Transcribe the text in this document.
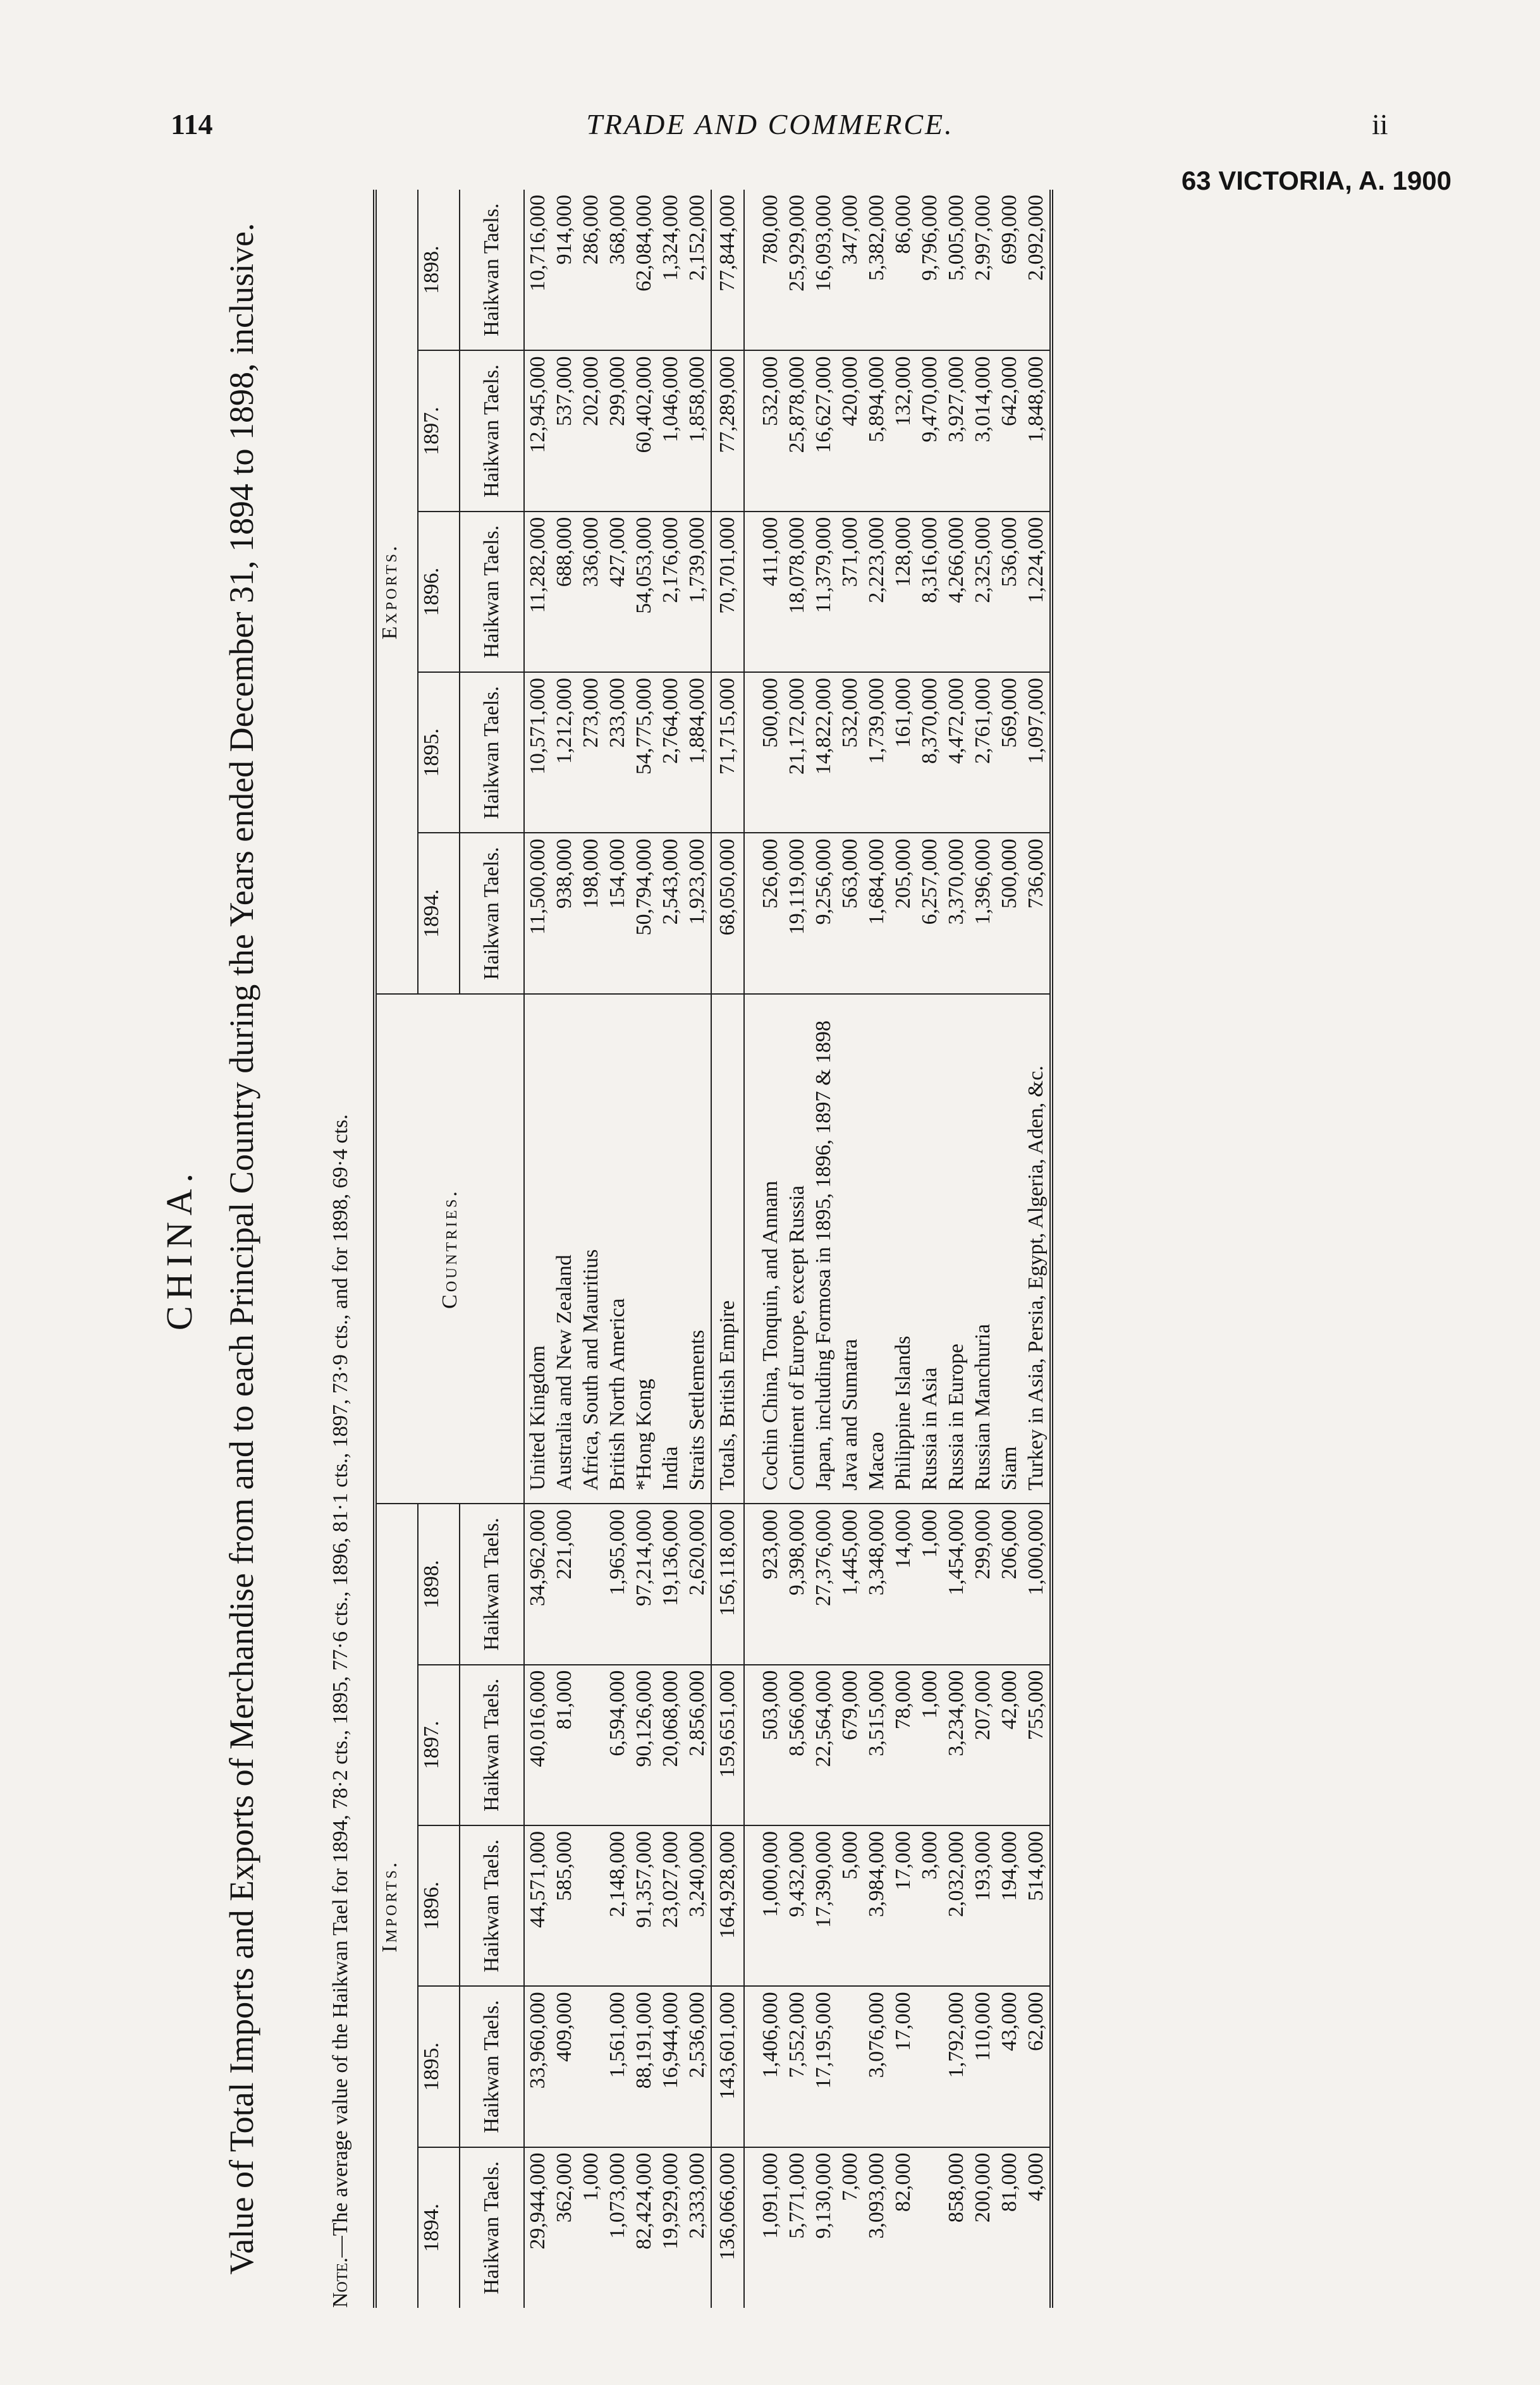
114	TRADE AND COMMERCE.	ii
63 VICTORIA, A. 1900
CHINA. Value of Total Imports and Exports of Merchandise from and to each Principal Country during the Years ended December 31, 1894 to 1898, inclusive.
Note.—The average value of the Haikwan Tael for 1894, 78·2 cts., 1895, 77·6 cts., 1896, 81·1 cts., 1897, 73·9 cts., and for 1898, 69·4 cts. Imports.					Countries.	Exports.				
1894.	1895.	1896.	1897.	1898.		1894.	1895.	1896.	1897.	1898.
Haikwan Taels.	Haikwan Taels.	Haikwan Taels.	Haikwan Taels.	Haikwan Taels.		Haikwan Taels.	Haikwan Taels.	Haikwan Taels.	Haikwan Taels.	Haikwan Taels.
29,944,000	33,960,000	44,571,000	40,016,000	34,962,000	United Kingdom	11,500,000	10,571,000	11,282,000	12,945,000	10,716,000
362,000	409,000	585,000	81,000	221,000	Australia and New Zealand	938,000	1,212,000	688,000	537,000	914,000
1,000					Africa, South and Mauritius	198,000	273,000	336,000	202,000	286,000
1,073,000	1,561,000	2,148,000	6,594,000	1,965,000	British North America	154,000	233,000	427,000	299,000	368,000
82,424,000	88,191,000	91,357,000	90,126,000	97,214,000	*Hong Kong	50,794,000	54,775,000	54,053,000	60,402,000	62,084,000
19,929,000	16,944,000	23,027,000	20,068,000	19,136,000	India	2,543,000	2,764,000	2,176,000	1,046,000	1,324,000
2,333,000	2,536,000	3,240,000	2,856,000	2,620,000	Straits Settlements	1,923,000	1,884,000	1,739,000	1,858,000	2,152,000
136,066,000	143,601,000	164,928,000	159,651,000	156,118,000	Totals, British Empire	68,050,000	71,715,000	70,701,000	77,289,000	77,844,000
1,091,000	1,406,000	1,000,000	503,000	923,000	Cochin China, Tonquin, and Annam	526,000	500,000	411,000	532,000	780,000
5,771,000	7,552,000	9,432,000	8,566,000	9,398,000	Continent of Europe, except Russia	19,119,000	21,172,000	18,078,000	25,878,000	25,929,000
9,130,000	17,195,000	17,390,000	22,564,000	27,376,000	Japan, including Formosa in 1895, 1896, 1897 & 1898	9,256,000	14,822,000	11,379,000	16,627,000	16,093,000
7,000		5,000	679,000	1,445,000	Java and Sumatra	563,000	532,000	371,000	420,000	347,000
3,093,000	3,076,000	3,984,000	3,515,000	3,348,000	Macao	1,684,000	1,739,000	2,223,000	5,894,000	5,382,000
82,000	17,000	17,000	78,000	14,000	Philippine Islands	205,000	161,000	128,000	132,000	86,000
		3,000	1,000	1,000	Russia in Asia	6,257,000	8,370,000	8,316,000	9,470,000	9,796,000
858,000	1,792,000	2,032,000	3,234,000	1,454,000	Russia in Europe	3,370,000	4,472,000	4,266,000	3,927,000	5,005,000
200,000	110,000	193,000	207,000	299,000	Russian Manchuria	1,396,000	2,761,000	2,325,000	3,014,000	2,997,000
81,000	43,000	194,000	42,000	206,000	Siam	500,000	569,000	536,000	642,000	699,000
4,000	62,000	514,000	755,000	1,000,000	Turkey in Asia, Persia, Egypt, Algeria, Aden, &c.	736,000	1,097,000	1,224,000	1,848,000	2,092,000
